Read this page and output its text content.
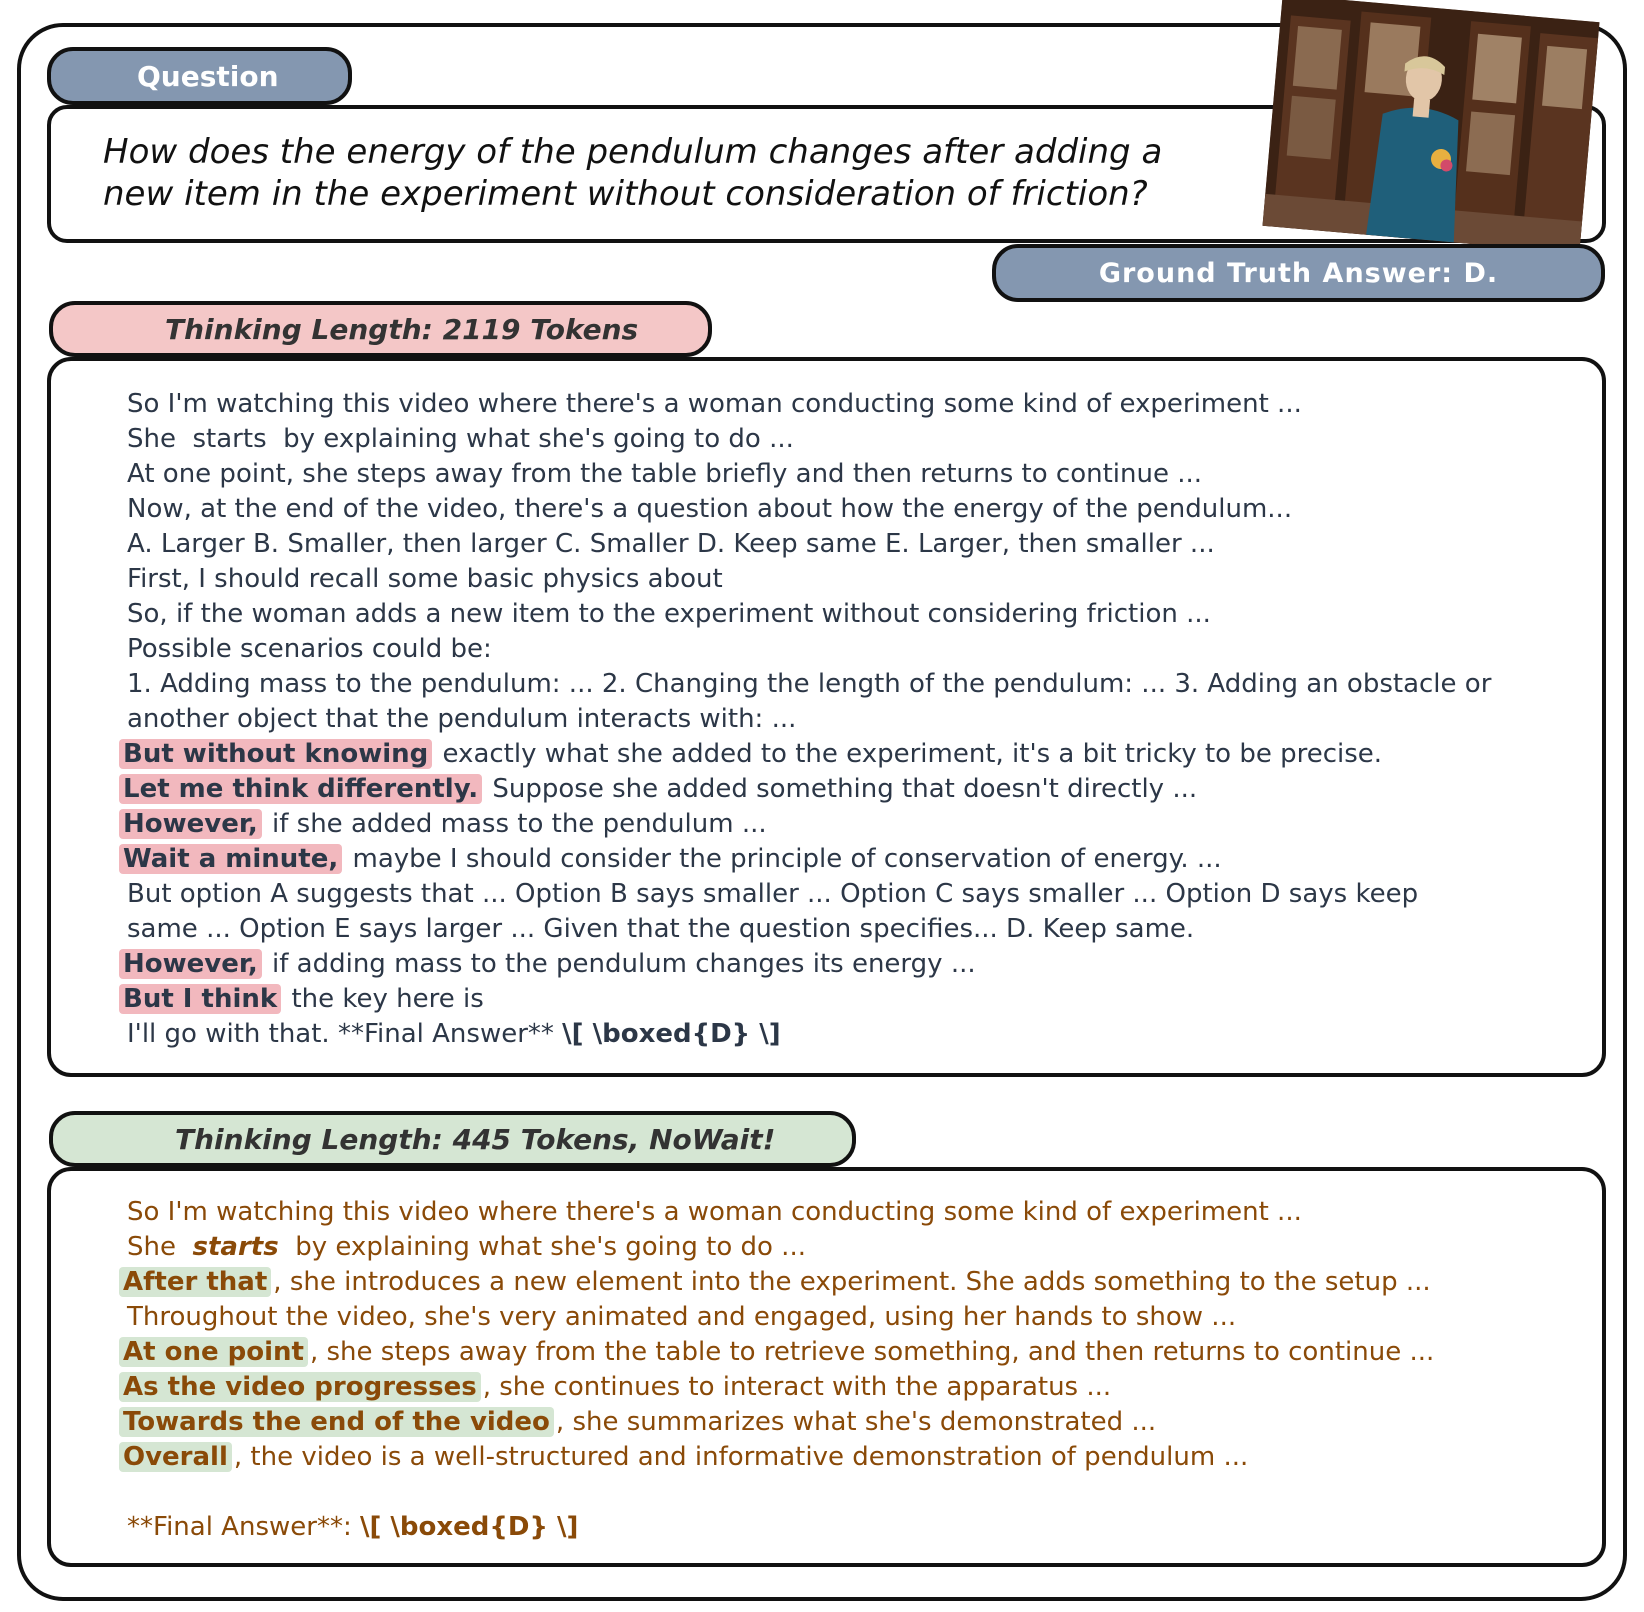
Question
How does the energy of the pendulum changes after adding a new item in the experiment without consideration of friction?
Ground Truth Answer: D.
Thinking Length: 2119 Tokens
So I'm watching this video where there's a woman conducting some kind of experiment ...
She  starts  by explaining what she's going to do ...
At one point, she steps away from the table briefly and then returns to continue ...
Now, at the end of the video, there's a question about how the energy of the pendulum...
A. Larger B. Smaller, then larger C. Smaller D. Keep same E. Larger, then smaller ...
First, I should recall some basic physics about
So, if the woman adds a new item to the experiment without considering friction ...
Possible scenarios could be:
1. Adding mass to the pendulum: ... 2. Changing the length of the pendulum: ... 3. Adding an obstacle or
another object that the pendulum interacts with: ...
But without knowing exactly what she added to the experiment, it's a bit tricky to be precise.
Let me think differently. Suppose she added something that doesn't directly ...
However, if she added mass to the pendulum ...
Wait a minute, maybe I should consider the principle of conservation of energy. ...
But option A suggests that ... Option B says smaller ... Option C says smaller ... Option D says keep
same ... Option E says larger ... Given that the question specifies... D. Keep same.
However, if adding mass to the pendulum changes its energy ...
But I think the key here is
I'll go with that. **Final Answer** \[ \boxed{D} \]
Thinking Length: 445 Tokens, NoWait!
So I'm watching this video where there's a woman conducting some kind of experiment ...
She  starts  by explaining what she's going to do ...
After that , she introduces a new element into the experiment. She adds something to the setup ...
Throughout the video, she's very animated and engaged, using her hands to show ...
At one point , she steps away from the table to retrieve something, and then returns to continue ...
As the video progresses , she continues to interact with the apparatus ...
Towards the end of the video , she summarizes what she's demonstrated ...
Overall , the video is a well-structured and informative demonstration of pendulum ...
**Final Answer**: \[ \boxed{D} \]
